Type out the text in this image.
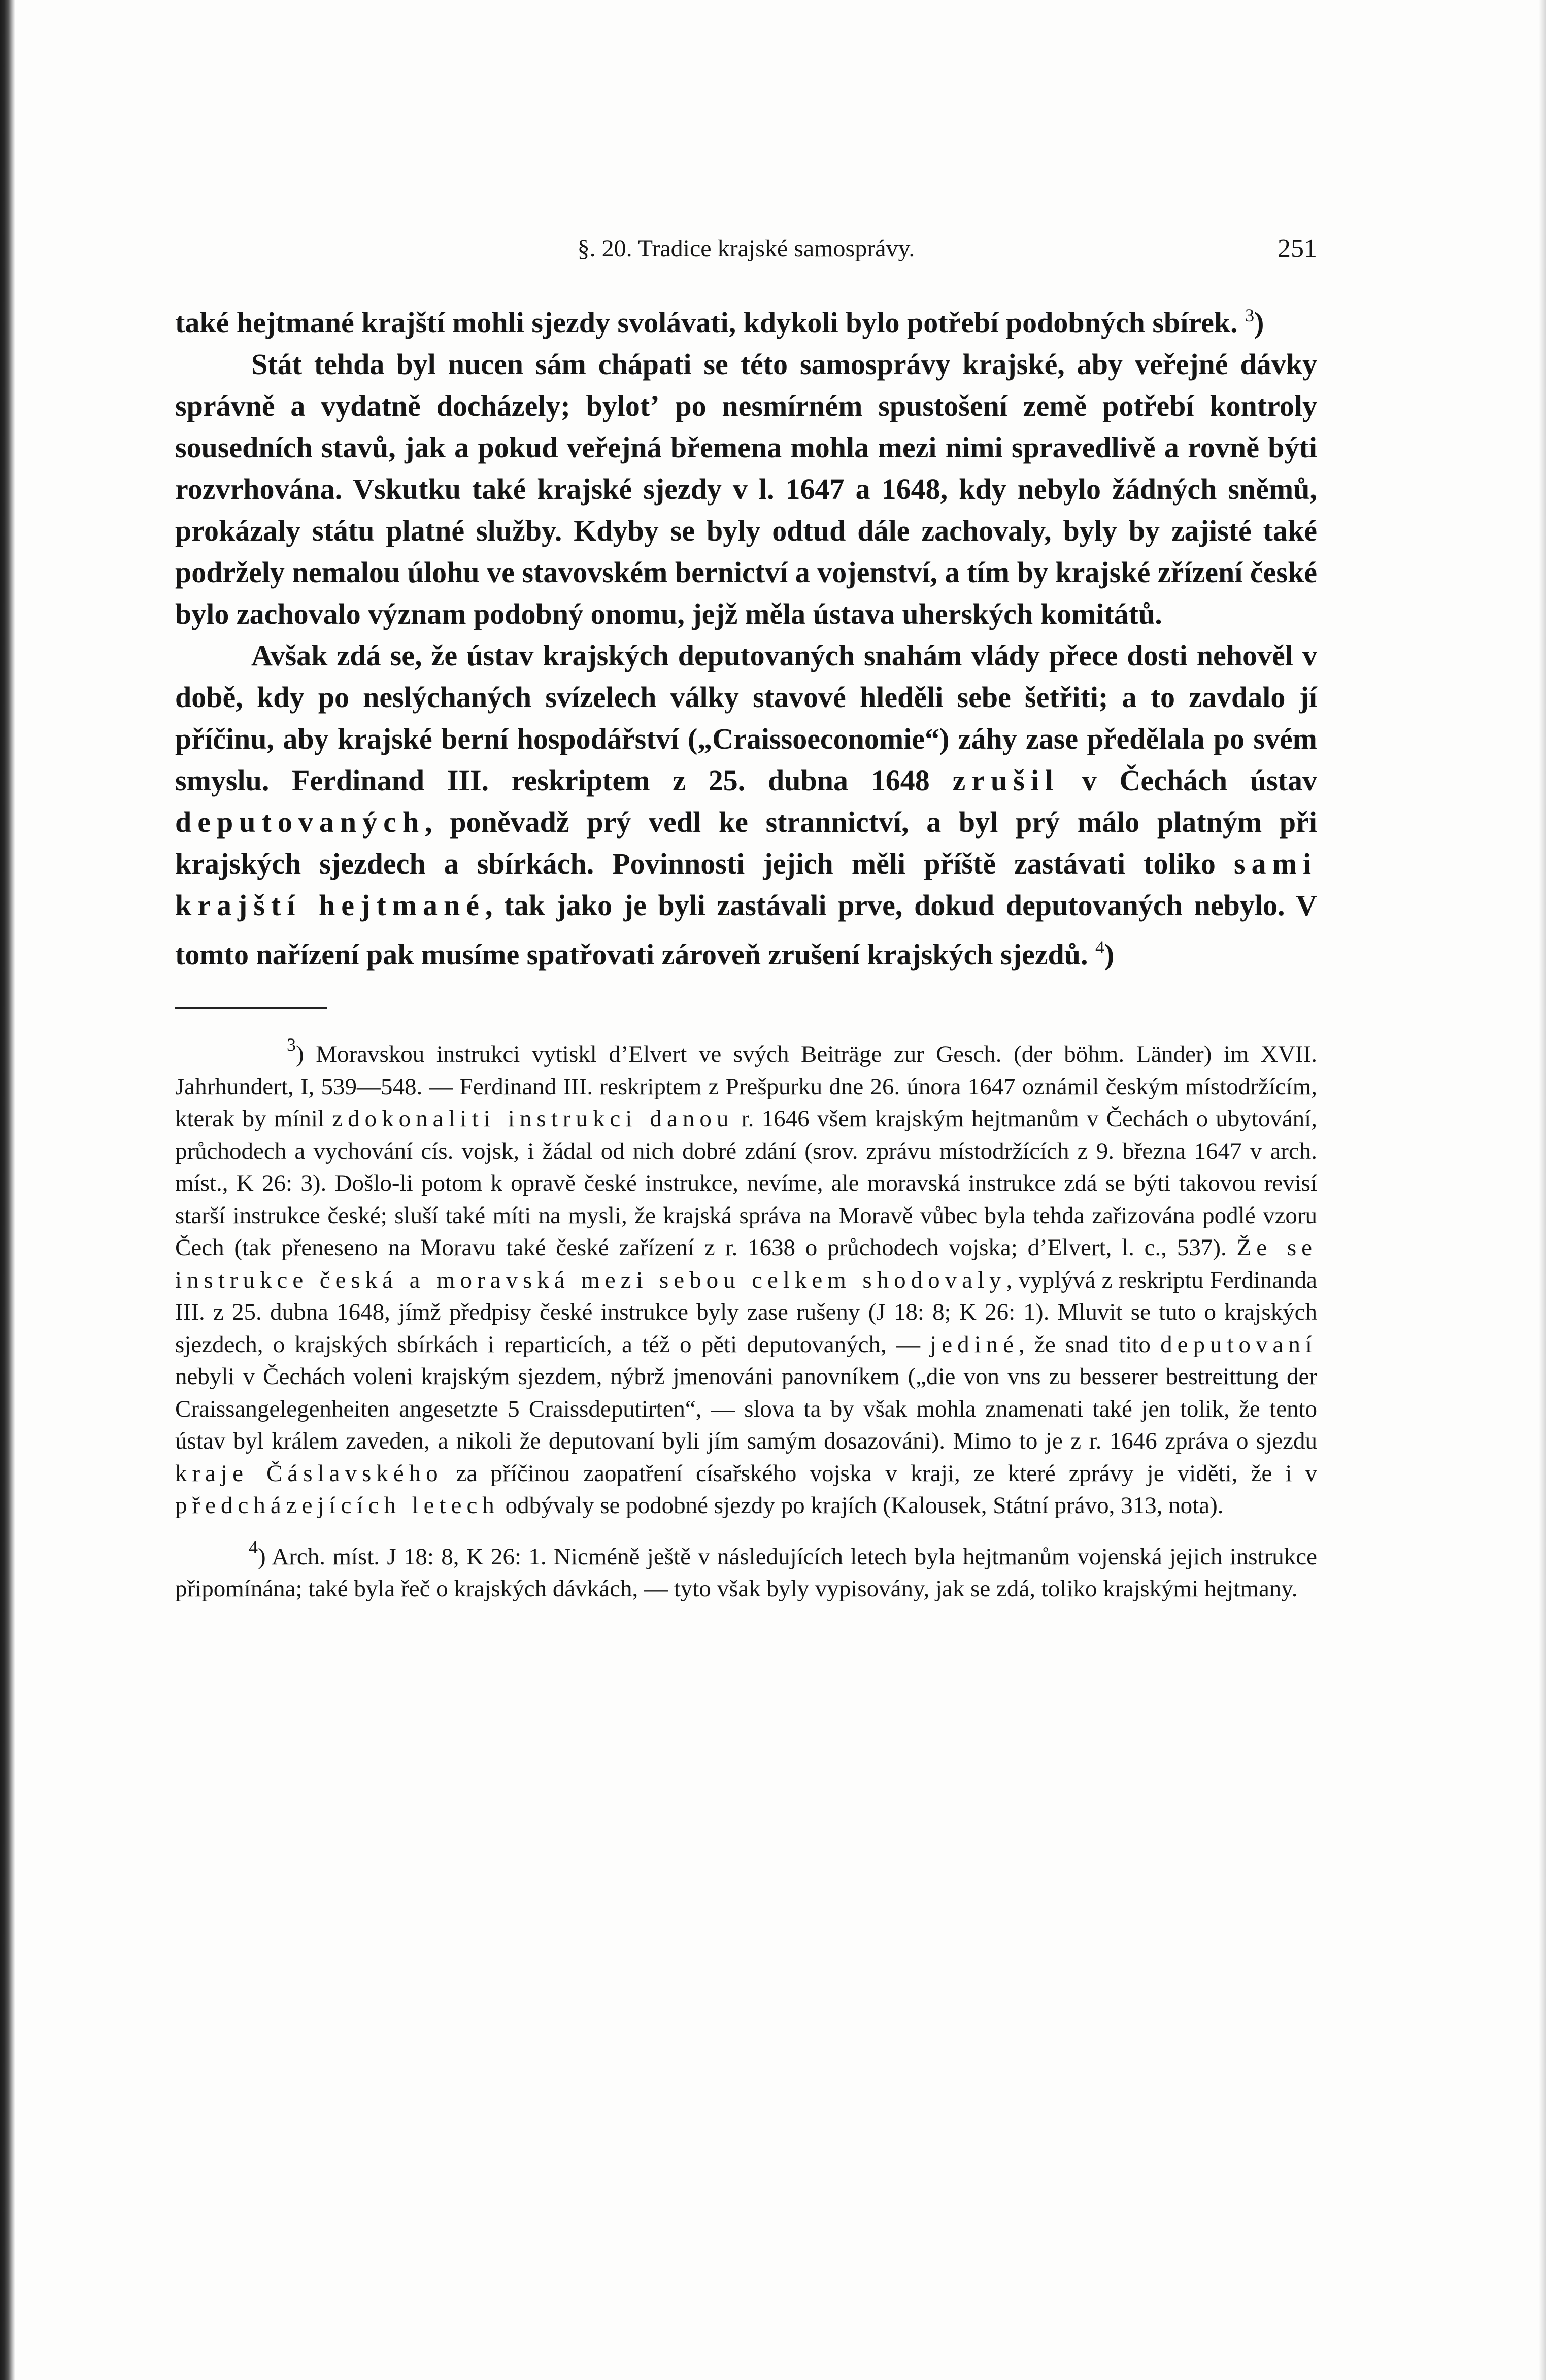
§. 20. Tradice krajské samosprávy.	251

také hejtmané krajští mohli sjezdy svolávati, kdykoli bylo potřebí podobných sbírek. $^3$)

Stát tehda byl nucen sám chápati se této samosprávy krajské, aby veřejné dávky správně a vydatně docházely; bylotʼ po nesmírném spustošení země potřebí kontroly sousedních stavů, jak a pokud veřejná břemena mohla mezi nimi spravedlivě a rovně býti rozvrhována. Vskutku také krajské sjezdy v l. 1647 a 1648, kdy nebylo žádných sněmů, prokázaly státu platné služby. Kdyby se byly odtud dále zachovaly, byly by zajisté také podržely nemalou úlohu ve stavovském bernictví a vojenství, a tím by krajské zřízení české bylo zachovalo význam podobný onomu, jejž měla ústava uherských komitátů.

Avšak zdá se, že ústav krajských deputovaných snahám vlády přece dosti nehověl v době, kdy po neslýchaných svízelech války stavové hleděli sebe šetřiti; a to zavdalo jí příčinu, aby krajské berní hospodářství („Craissoeconomie“) záhy zase předělala po svém smyslu. Ferdinand III. reskriptem z 25. dubna 1648 zrušil v Čechách ústav deputovaných, poněvadž prý vedl ke strannictví, a byl prý málo platným při krajských sjezdech a sbírkách. Povinnosti jejich měli příště zastávati toliko sami krajští hejtmané, tak jako je byli zastávali prve, dokud deputovaných nebylo. V tomto nařízení pak musíme spatřovati zároveň zrušení krajských sjezdů. $^4$)

$^3$) Moravskou instrukci vytiskl d’Elvert ve svých Beiträge zur Gesch. (der böhm. Länder) im XVII. Jahrhundert, I, 539—548. — Ferdinand III. reskriptem z Prešpurku dne 26. února 1647 oznámil českým místodržícím, kterak by mínil zdokonaliti instrukci danou r. 1646 všem krajským hejtmanům v Čechách o ubytování, průchodech a vychování cís. vojsk, i žádal od nich dobré zdání (srov. zprávu místodržících z 9. března 1647 v arch. míst., K 26: 3). Došlo-li potom k opravě české instrukce, nevíme, ale moravská instrukce zdá se býti takovou revisí starší instrukce české; sluší také míti na mysli, že krajská správa na Moravě vůbec byla tehda zařizována podlé vzoru Čech (tak přeneseno na Moravu také české zařízení z r. 1638 o průchodech vojska; d’Elvert, l. c., 537). Že se instrukce česká a moravská mezi sebou celkem shodovaly, vyplývá z reskriptu Ferdinanda III. z 25. dubna 1648, jímž předpisy české instrukce byly zase rušeny (J 18: 8; K 26: 1). Mluvit se tuto o krajských sjezdech, o krajských sbírkách i reparticích, a též o pěti deputovaných, — jediné, že snad tito deputovaní nebyli v Čechách voleni krajským sjezdem, nýbrž jmenováni panovníkem („die von vns zu besserer bestreittung der Craissangelegenheiten angesetzte 5 Craissdeputirten“, — slova ta by však mohla znamenati také jen tolik, že tento ústav byl králem zaveden, a nikoli že deputovaní byli jím samým dosazováni). Mimo to je z r. 1646 zpráva o sjezdu kraje Čáslavského za příčinou zaopatření císařského vojska v kraji, ze které zprávy je viděti, že i v předcházejících letech odbývaly se podobné sjezdy po krajích (Kalousek, Státní právo, 313, nota).

$^4$) Arch. míst. J 18: 8, K 26: 1. Nicméně ještě v následujících letech byla hejtmanům vojenská jejich instrukce připomínána; také byla řeč o krajských dávkách, — tyto však byly vypisovány, jak se zdá, toliko krajskými hejtmany.
